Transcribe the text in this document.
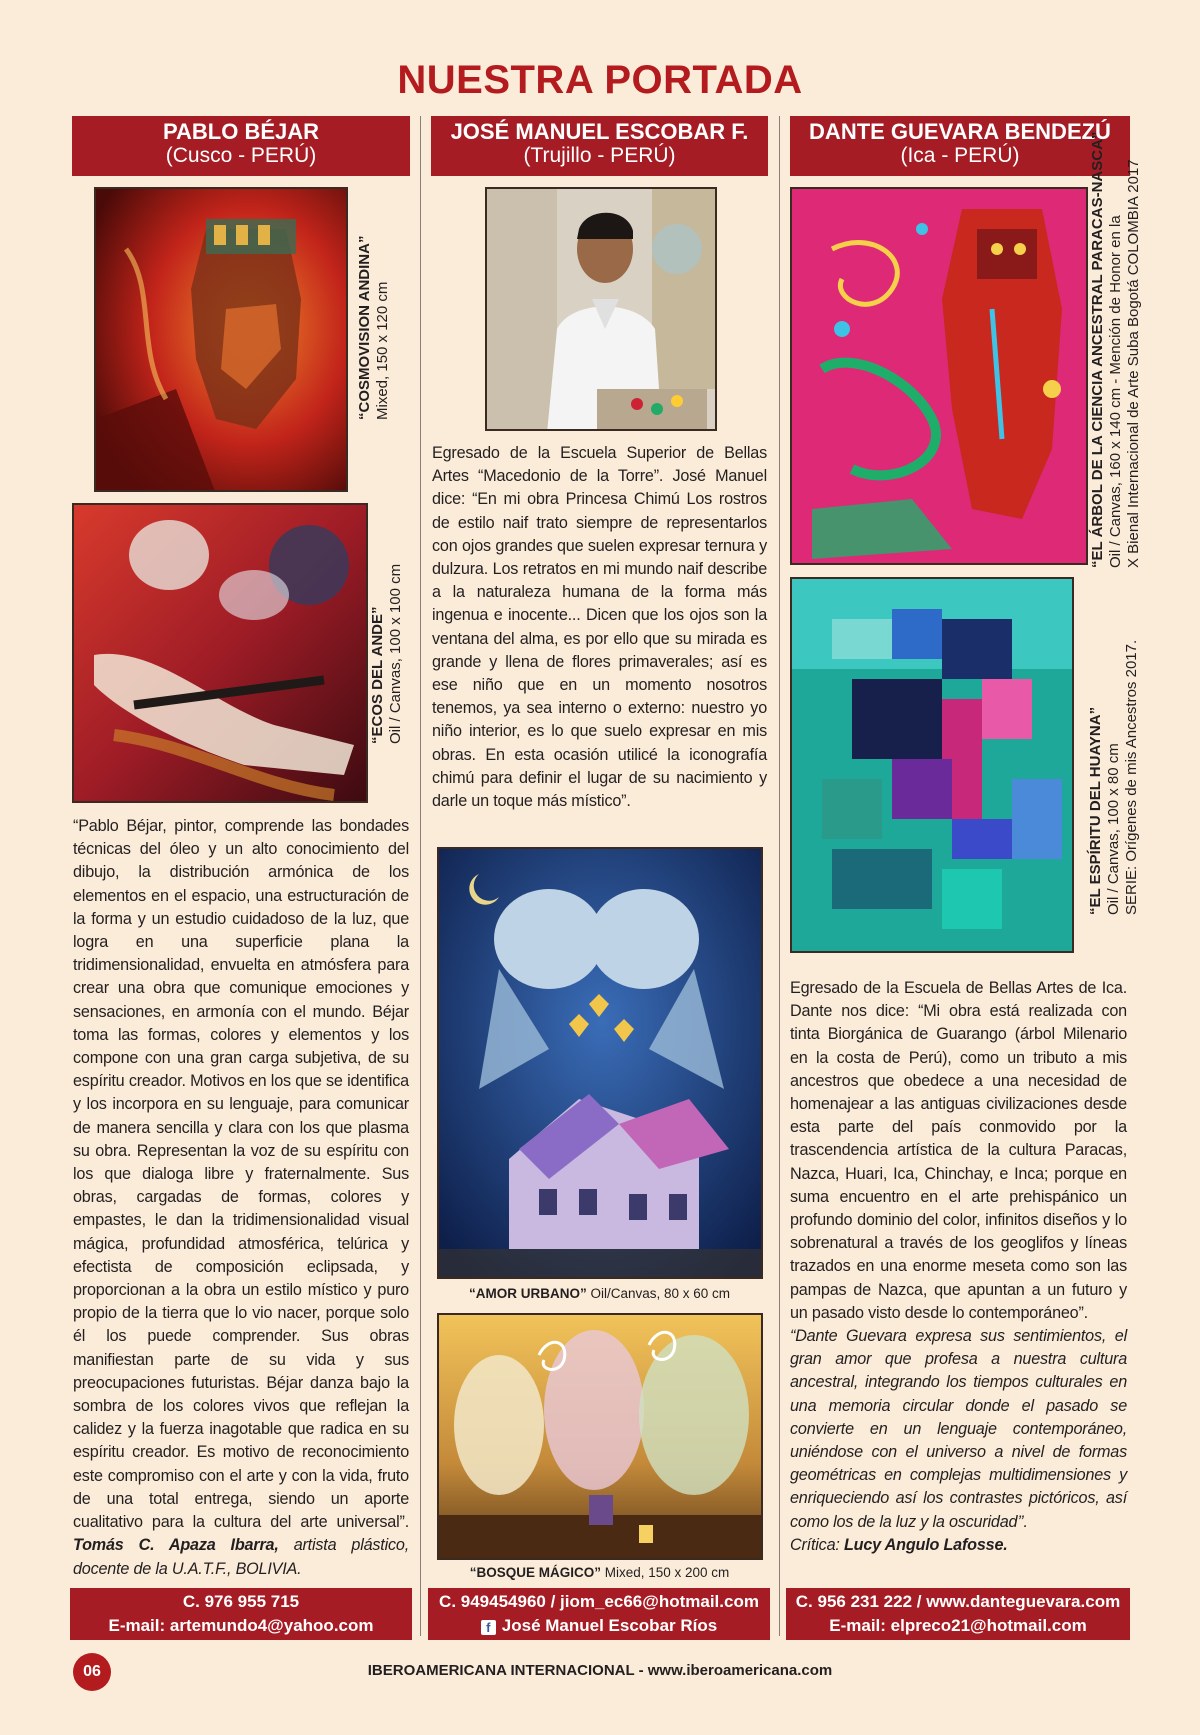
NUESTRA PORTADA
PABLO BÉJAR
(Cusco - PERÚ)
“COSMOVISION ANDINA” Mixed, 150 x 120 cm
“ECOS DEL ANDE” Oil / Canvas, 100 x 100 cm

“Pablo Béjar, pintor, comprende las bondades técnicas del óleo y un alto conocimiento del dibujo, la distribución armónica de los elementos en el espacio, una estructuración de la forma y un estudio cuidadoso de la luz, que logra en una superficie plana la tridimensionalidad, envuelta en atmósfera para crear una obra que comunique emociones y sensaciones, en armonía con el mundo. Béjar toma las formas, colores y elementos y los compone con una gran carga subjetiva, de su espíritu creador. Motivos en los que se identifica y los incorpora en su lenguaje, para comunicar de manera sencilla y clara con los que plasma su obra. Representan la voz de su espíritu con los que dialoga libre y fraternalmente. Sus obras, cargadas de formas, colores y empastes, le dan la tridimensionalidad visual mágica, profundidad atmosférica, telúrica y efectista de composición eclipsada, y proporcionan a la obra un estilo místico y puro propio de la tierra que lo vio nacer, porque solo él los puede comprender. Sus obras manifiestan parte de su vida y sus preocupaciones futuristas. Béjar danza bajo la sombra de los colores vivos que reflejan la calidez y la fuerza inagotable que radica en su espíritu creador. Es motivo de reconocimiento este compromiso con el arte y con la vida, fruto de una total entrega, siendo un aporte cualitativo para la cultura del arte universal”. Tomás C. Apaza Ibarra, artista plástico, docente de la U.A.T.F., BOLIVIA.

C. 976 955 715
E-mail: artemundo4@yahoo.com
JOSÉ MANUEL ESCOBAR F.
(Trujillo - PERÚ)

Egresado de la Escuela Superior de Bellas Artes “Macedonio de la Torre”. José Manuel dice: “En mi obra Princesa Chimú Los rostros de estilo naif trato siempre de representarlos con ojos grandes que suelen expresar ternura y dulzura. Los retratos en mi mundo naif describe a la naturaleza humana de la forma más ingenua e inocente... Dicen que los ojos son la ventana del alma, es por ello que su mirada es grande y llena de flores primaverales; así es ese niño que en un momento nosotros tenemos, ya sea interno o externo: nuestro yo niño interior, es lo que suelo expresar en mis obras. En esta ocasión utilicé la iconografía chimú para definir el lugar de su nacimiento y darle un toque más místico”.

“AMOR URBANO” Oil/Canvas, 80 x 60 cm
“BOSQUE MÁGICO” Mixed, 150 x 200 cm
C. 949454960 / jiom_ec66@hotmail.com
f José Manuel Escobar Ríos
DANTE GUEVARA BENDEZÚ
(Ica - PERÚ)	“EL ÁRBOL DE LA CIENCIA ANCESTRAL PARACAS-NASCA” Oil / Canvas, 160 x 140 cm - Mención de Honor en la X Bienal Internacional de Arte Suba Bogotá COLOMBIA 2017
“EL ESPÍRITU DEL HUAYNA” Oil / Canvas, 100 x 80 cm SERIE: Orígenes de mis Ancestros 2017.

Egresado de la Escuela de Bellas Artes de Ica. Dante nos dice: “Mi obra está realizada con tinta Biorgánica de Guarango (árbol Milenario en la costa de Perú), como un tributo a mis ancestros que obedece a una necesidad de homenajear a las antiguas civilizaciones desde esta parte del país conmovido por la trascendencia artística de la cultura Paracas, Nazca, Huari, Ica, Chinchay, e Inca; porque en suma encuentro en el arte prehispánico un profundo dominio del color, infinitos diseños y lo sobrenatural a través de los geoglifos y líneas trazados en una enorme meseta como son las pampas de Nazca, que apuntan a un futuro y un pasado visto desde lo contemporáneo”.

“Dante Guevara expresa sus sentimientos, el gran amor que profesa a nuestra cultura ancestral, integrando los tiempos culturales en una memoria circular donde el pasado se convierte en un lenguaje contemporáneo, uniéndose con el universo a nivel de formas geométricas en complejas multidimensiones y enriqueciendo así los contrastes pictóricos, así como los de la luz y la oscuridad’’.

Crítica: Lucy Angulo Lafosse.

C. 956 231 222 / www.danteguevara.com
E-mail: elpreco21@hotmail.com
06	IBEROAMERICANA INTERNACIONAL - www.iberoamericana.com
